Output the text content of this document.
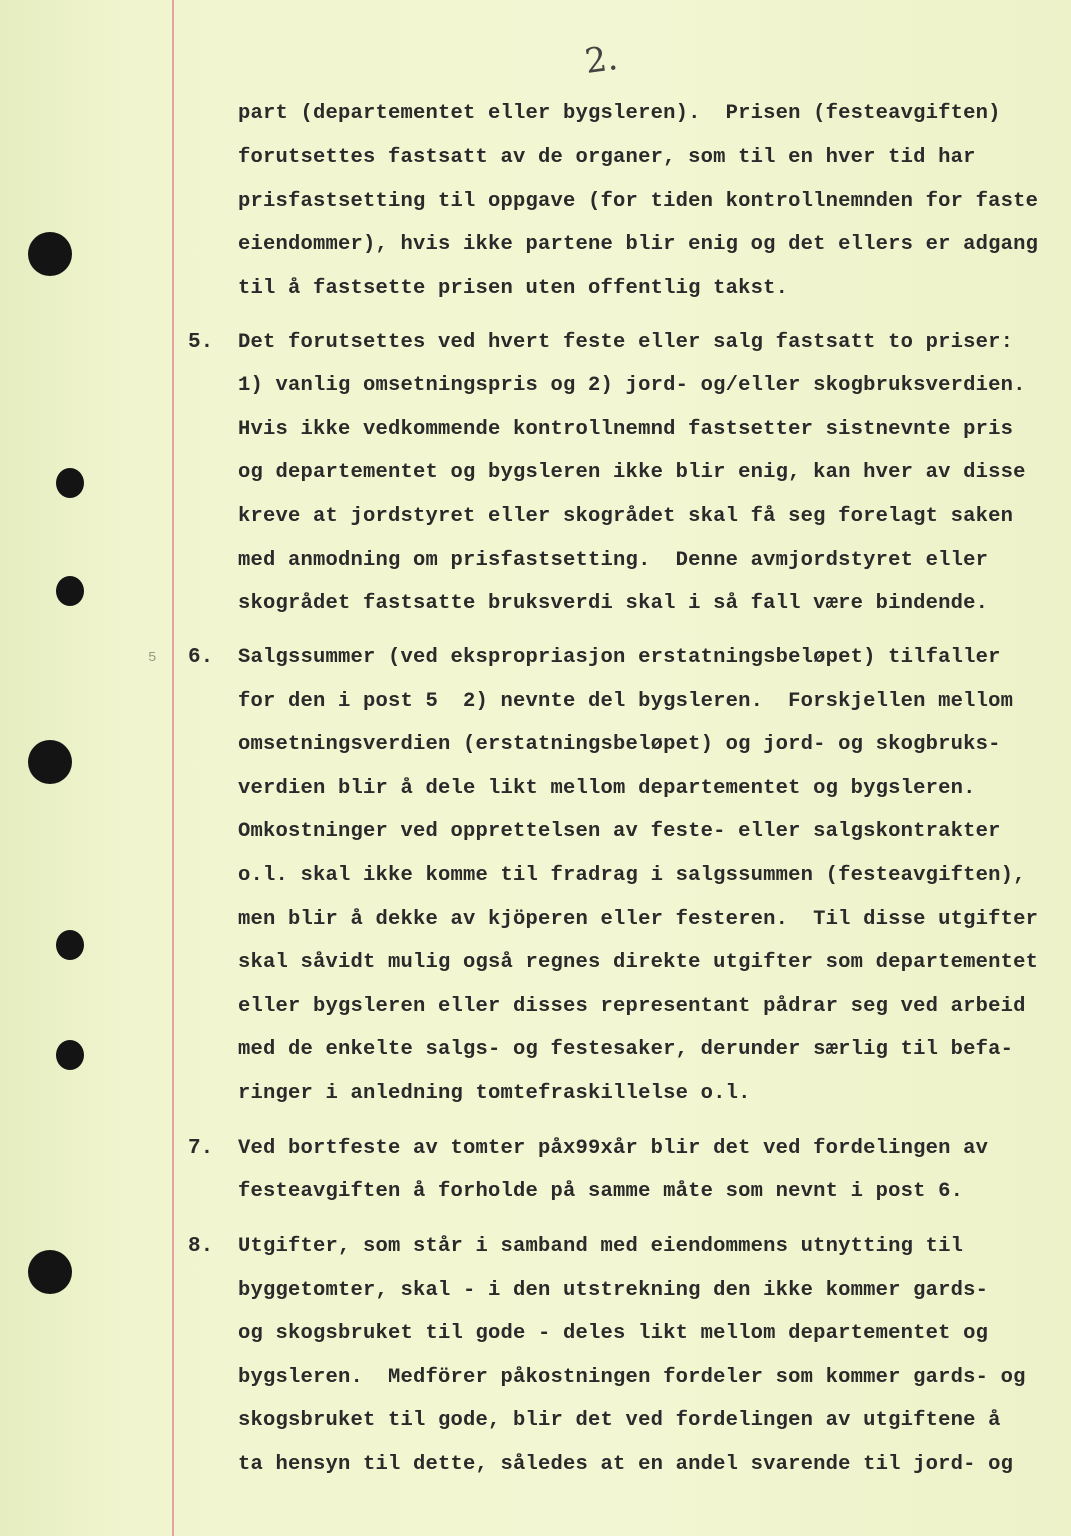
2.
5
part (departementet eller bygsleren).  Prisen (festeavgiften)
forutsettes fastsatt av de organer, som til en hver tid har
prisfastsetting til oppgave (for tiden kontrollnemnden for faste
eiendommer), hvis ikke partene blir enig og det ellers er adgang
til å fastsette prisen uten offentlig takst.
5. Det forutsettes ved hvert feste eller salg fastsatt to priser:
1) vanlig omsetningspris og 2) jord- og/eller skogbruksverdien.
Hvis ikke vedkommende kontrollnemnd fastsetter sistnevnte pris
og departementet og bygsleren ikke blir enig, kan hver av disse
kreve at jordstyret eller skogrådet skal få seg forelagt saken
med anmodning om prisfastsetting.  Denne avmjordstyret eller
skogrådet fastsatte bruksverdi skal i så fall være bindende.
6. Salgssummer (ved ekspropriasjon erstatningsbeløpet) tilfaller
for den i post 5  2) nevnte del bygsleren.  Forskjellen mellom
omsetningsverdien (erstatningsbeløpet) og jord- og skogbruks-
verdien blir å dele likt mellom departementet og bygsleren.
Omkostninger ved opprettelsen av feste- eller salgskontrakter
o.l. skal ikke komme til fradrag i salgssummen (festeavgiften),
men blir å dekke av kjöperen eller festeren.  Til disse utgifter
skal såvidt mulig også regnes direkte utgifter som departementet
eller bygsleren eller disses representant pådrar seg ved arbeid
med de enkelte salgs- og festesaker, derunder særlig til befa-
ringer i anledning tomtefraskillelse o.l.
7. Ved bortfeste av tomter påx99xår blir det ved fordelingen av
festeavgiften å forholde på samme måte som nevnt i post 6.
8. Utgifter, som står i samband med eiendommens utnytting til
byggetomter, skal - i den utstrekning den ikke kommer gards-
og skogsbruket til gode - deles likt mellom departementet og
bygsleren.  Medförer påkostningen fordeler som kommer gards- og
skogsbruket til gode, blir det ved fordelingen av utgiftene å
ta hensyn til dette, således at en andel svarende til jord- og
